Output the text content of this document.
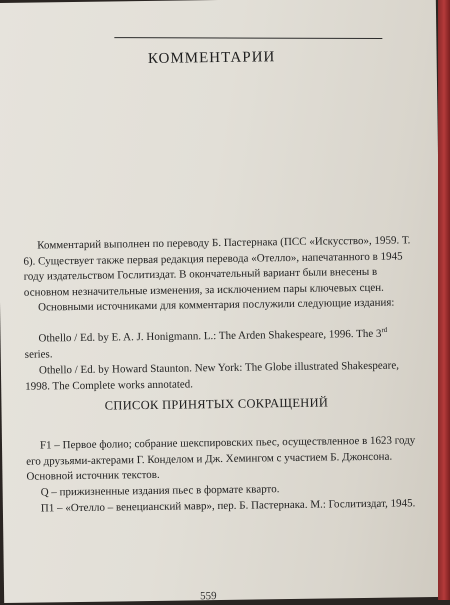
КОММЕНТАРИИ

Комментарий выполнен по переводу Б. Пастернака (ПСС «Искусство», 1959. Т. 6). Существует также первая редакция перевода «Отелло», напечатанного в 1945 году издательством Гослитиздат. В окончательный вариант были внесены в основном незначительные изменения, за исключением пары ключевых сцен.

Основными источниками для комментария послужили следующие издания:

Othello / Ed. by E. A. J. Honigmann. L.: The Arden Shakespeare, 1996. The 3rd series.

Othello / Ed. by Howard Staunton. New York: The Globe illustrated Shakespeare, 1998. The Complete works annotated.

СПИСОК ПРИНЯТЫХ СОКРАЩЕНИЙ

F1 – Первое фолио; собрание шекспировских пьес, осуществленное в 1623 году его друзьями-актерами Г. Конделом и Дж. Хемингом с участием Б. Джонсона. Основной источник текстов.

Q – прижизненные издания пьес в формате кварто.

П1 – «Отелло – венецианский мавр», пер. Б. Пастернака. М.: Гослитиздат, 1945.

559
